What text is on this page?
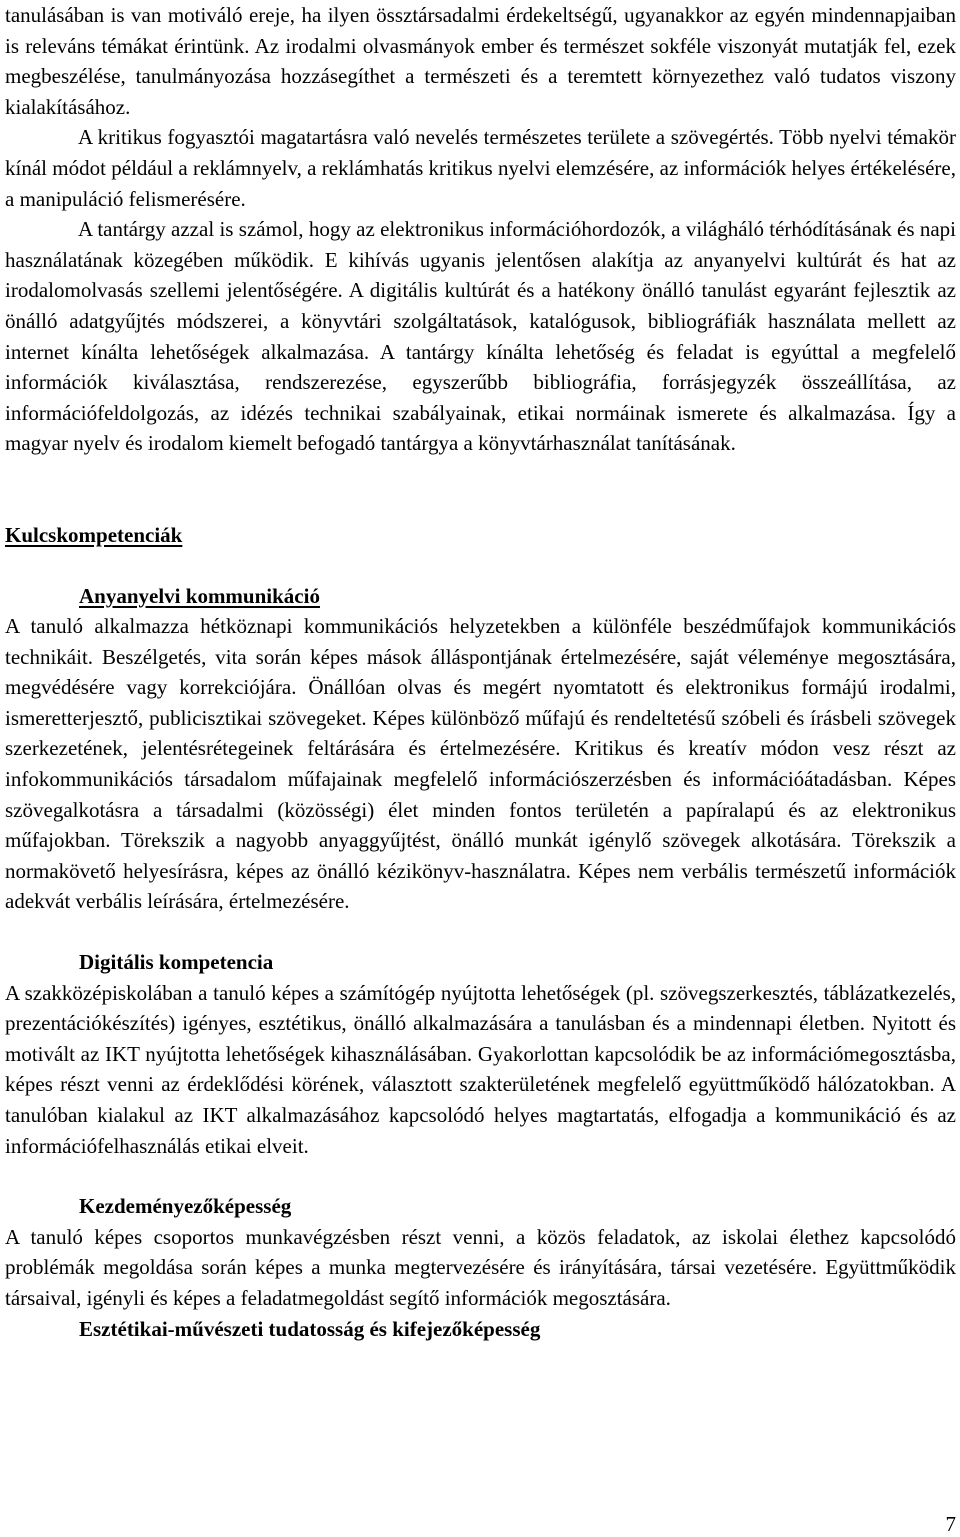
tanulásában is van motiváló ereje, ha ilyen össztársadalmi érdekeltségű, ugyanakkor az egyén mindennapjaiban is releváns témákat érintünk. Az irodalmi olvasmányok ember és természet sokféle viszonyát mutatják fel, ezek megbeszélése, tanulmányozása hozzásegíthet a természeti és a teremtett környezethez való tudatos viszony kialakításához.

A kritikus fogyasztói magatartásra való nevelés természetes területe a szövegértés. Több nyelvi témakör kínál módot például a reklámnyelv, a reklámhatás kritikus nyelvi elemzésére, az információk helyes értékelésére, a manipuláció felismerésére.

A tantárgy azzal is számol, hogy az elektronikus információhordozók, a világháló térhódításának és napi használatának közegében működik. E kihívás ugyanis jelentősen alakítja az anyanyelvi kultúrát és hat az irodalomolvasás szellemi jelentőségére. A digitális kultúrát és a hatékony önálló tanulást egyaránt fejlesztik az önálló adatgyűjtés módszerei, a könyvtári szolgáltatások, katalógusok, bibliográfiák használata mellett az internet kínálta lehetőségek alkalmazása. A tantárgy kínálta lehetőség és feladat is egyúttal a megfelelő információk kiválasztása, rendszerezése, egyszerűbb bibliográfia, forrásjegyzék összeállítása, az információfeldolgozás, az idézés technikai szabályainak, etikai normáinak ismerete és alkalmazása. Így a magyar nyelv és irodalom kiemelt befogadó tantárgya a könyvtárhasználat tanításának.

Kulcskompetenciák
Anyanyelvi kommunikáció

A tanuló alkalmazza hétköznapi kommunikációs helyzetekben a különféle beszédműfajok kommunikációs technikáit. Beszélgetés, vita során képes mások álláspontjának értelmezésére, saját véleménye megosztására, megvédésére vagy korrekciójára. Önállóan olvas és megért nyomtatott és elektronikus formájú irodalmi, ismeretterjesztő, publicisztikai szövegeket. Képes különböző műfajú és rendeltetésű szóbeli és írásbeli szövegek szerkezetének, jelentésrétegeinek feltárására és értelmezésére. Kritikus és kreatív módon vesz részt az infokommunikációs társadalom műfajainak megfelelő információszerzésben és információátadásban. Képes szövegalkotásra a társadalmi (közösségi) élet minden fontos területén a papíralapú és az elektronikus műfajokban. Törekszik a nagyobb anyaggyűjtést, önálló munkát igénylő szövegek alkotására. Törekszik a normakövető helyesírásra, képes az önálló kézikönyv-használatra. Képes nem verbális természetű információk adekvát verbális leírására, értelmezésére.

Digitális kompetencia

A szakközépiskolában a tanuló képes a számítógép nyújtotta lehetőségek (pl. szövegszerkesztés, táblázatkezelés, prezentációkészítés) igényes, esztétikus, önálló alkalmazására a tanulásban és a mindennapi életben. Nyitott és motivált az IKT nyújtotta lehetőségek kihasználásában. Gyakorlottan kapcsolódik be az információmegosztásba, képes részt venni az érdeklődési körének, választott szakterületének megfelelő együttműködő hálózatokban. A tanulóban kialakul az IKT alkalmazásához kapcsolódó helyes magtartatás, elfogadja a kommunikáció és az információfelhasználás etikai elveit.

Kezdeményezőképesség

A tanuló képes csoportos munkavégzésben részt venni, a közös feladatok, az iskolai élethez kapcsolódó problémák megoldása során képes a munka megtervezésére és irányítására, társai vezetésére. Együttműködik társaival, igényli és képes a feladatmegoldást segítő információk megosztására.

Esztétikai-művészeti tudatosság és kifejezőképesség
7
